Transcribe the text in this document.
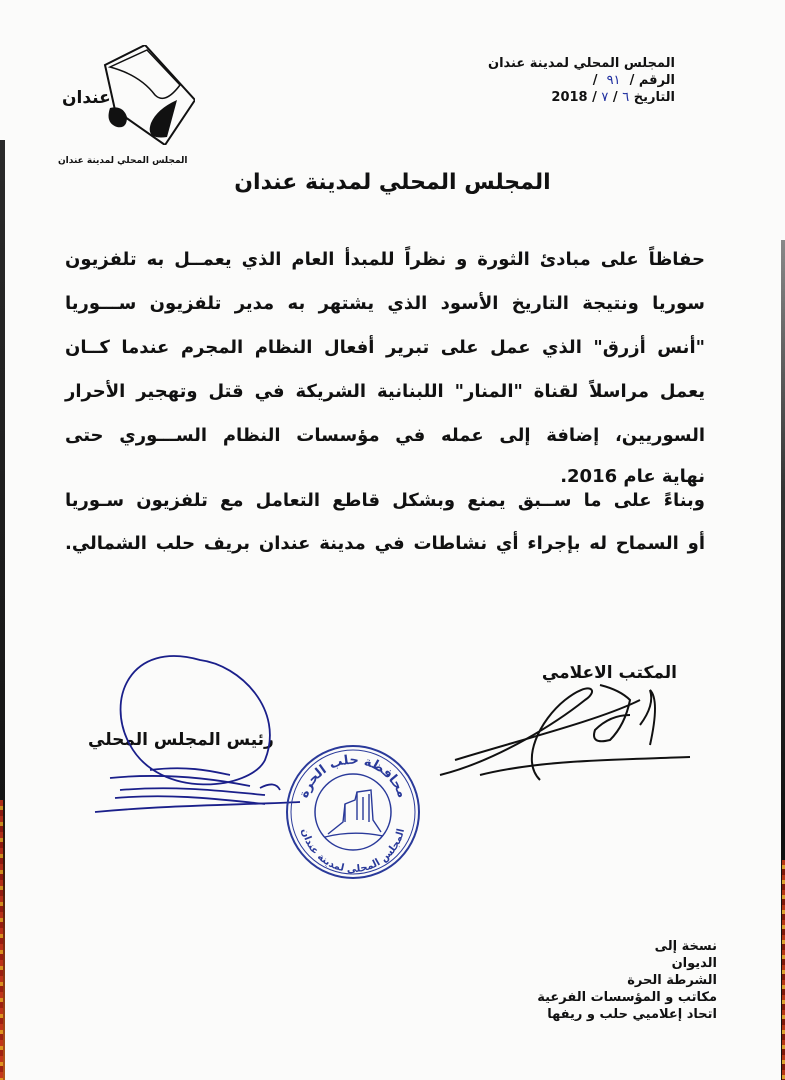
عندان
المجلس المحلي لمدينة عندان
المجلس المحلي لمدينة عندان
الرقم /  ٩١  /
التاريخ ٦ / ٧ / 2018
المجلس المحلي لمدينة عندان
حفاظاً على مبادئ الثورة و نظراً للمبدأ العام الذي يعمــل به تلفزيون
سوريا ونتيجة التاريخ الأسود الذي يشتهر به مدير تلفزيون ســـوريا
"أنس أزرق" الذي عمل على تبرير أفعال النظام المجرم عندما كــان
يعمل مراسلاً لقناة "المنار" اللبنانية الشريكة في قتل وتهجير الأحرار
السوريين، إضافة إلى عمله في مؤسسات النظام الســـوري حتى
نهاية عام 2016.
وبناءً على ما ســبق يمنع وبشكل قاطع التعامل مع تلفزيون سـوريا
أو السماح له بإجراء أي نشاطات في مدينة عندان بريف حلب الشمالي.
المكتب الاعلامي
رئيس المجلس المحلي
محافظة حلب الحرة
المجلس المحلي لمدينة عندان
نسخة إلى
الديوان
الشرطة الحرة
مكاتب و المؤسسات الفرعية
اتحاد إعلاميي حلب و ريفها
